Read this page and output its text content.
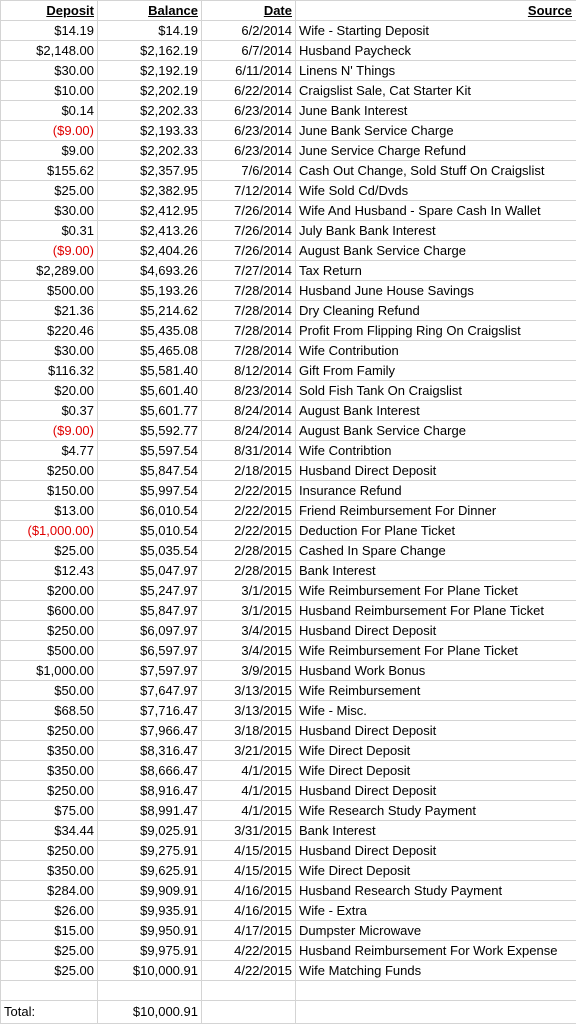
Deposit	Balance	Date	Source
$14.19	$14.19	6/2/2014	Wife - Starting Deposit
$2,148.00	$2,162.19	6/7/2014	Husband Paycheck
$30.00	$2,192.19	6/11/2014	Linens N' Things
$10.00	$2,202.19	6/22/2014	Craigslist Sale, Cat Starter Kit
$0.14	$2,202.33	6/23/2014	June Bank Interest
($9.00)	$2,193.33	6/23/2014	June Bank Service Charge
$9.00	$2,202.33	6/23/2014	June Service Charge Refund
$155.62	$2,357.95	7/6/2014	Cash Out Change, Sold Stuff On Craigslist
$25.00	$2,382.95	7/12/2014	Wife Sold Cd/Dvds
$30.00	$2,412.95	7/26/2014	Wife And Husband - Spare Cash In Wallet
$0.31	$2,413.26	7/26/2014	July Bank Bank Interest
($9.00)	$2,404.26	7/26/2014	August Bank Service Charge
$2,289.00	$4,693.26	7/27/2014	Tax Return
$500.00	$5,193.26	7/28/2014	Husband June House Savings
$21.36	$5,214.62	7/28/2014	Dry Cleaning Refund
$220.46	$5,435.08	7/28/2014	Profit From Flipping Ring On Craigslist
$30.00	$5,465.08	7/28/2014	Wife Contribution
$116.32	$5,581.40	8/12/2014	Gift From Family
$20.00	$5,601.40	8/23/2014	Sold Fish Tank On Craigslist
$0.37	$5,601.77	8/24/2014	August Bank Interest
($9.00)	$5,592.77	8/24/2014	August Bank Service Charge
$4.77	$5,597.54	8/31/2014	Wife Contribtion
$250.00	$5,847.54	2/18/2015	Husband Direct Deposit
$150.00	$5,997.54	2/22/2015	Insurance Refund
$13.00	$6,010.54	2/22/2015	Friend Reimbursement For Dinner
($1,000.00)	$5,010.54	2/22/2015	Deduction For Plane Ticket
$25.00	$5,035.54	2/28/2015	Cashed In Spare Change
$12.43	$5,047.97	2/28/2015	Bank Interest
$200.00	$5,247.97	3/1/2015	Wife Reimbursement For Plane Ticket
$600.00	$5,847.97	3/1/2015	Husband Reimbursement For Plane Ticket
$250.00	$6,097.97	3/4/2015	Husband Direct Deposit
$500.00	$6,597.97	3/4/2015	Wife Reimbursement For Plane Ticket
$1,000.00	$7,597.97	3/9/2015	Husband Work Bonus
$50.00	$7,647.97	3/13/2015	Wife Reimbursement
$68.50	$7,716.47	3/13/2015	Wife - Misc.
$250.00	$7,966.47	3/18/2015	Husband Direct Deposit
$350.00	$8,316.47	3/21/2015	Wife Direct Deposit
$350.00	$8,666.47	4/1/2015	Wife Direct Deposit
$250.00	$8,916.47	4/1/2015	Husband Direct Deposit
$75.00	$8,991.47	4/1/2015	Wife Research Study Payment
$34.44	$9,025.91	3/31/2015	Bank Interest
$250.00	$9,275.91	4/15/2015	Husband Direct Deposit
$350.00	$9,625.91	4/15/2015	Wife Direct Deposit
$284.00	$9,909.91	4/16/2015	Husband Research Study Payment
$26.00	$9,935.91	4/16/2015	Wife - Extra
$15.00	$9,950.91	4/17/2015	Dumpster Microwave
$25.00	$9,975.91	4/22/2015	Husband Reimbursement For Work Expense
$25.00	$10,000.91	4/22/2015	Wife Matching Funds

Total:	$10,000.91		
